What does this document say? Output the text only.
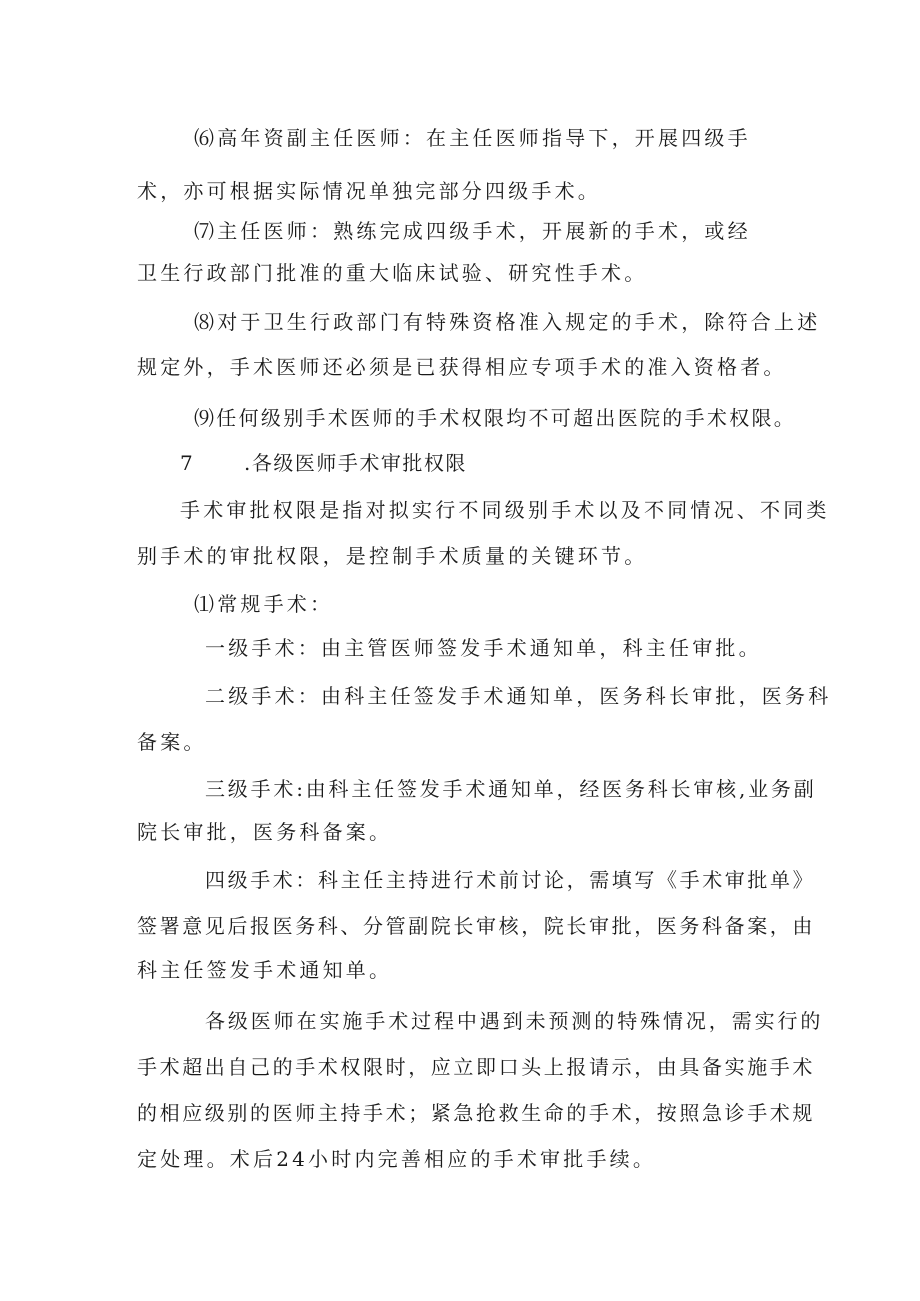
⑹高年资副主任医师：在主任医师指导下，开展四级手

术，亦可根据实际情况单独完部分四级手术。

⑺主任医师：熟练完成四级手术，开展新的手术，或经

卫生行政部门批准的重大临床试验、研究性手术。

⑻对于卫生行政部门有特殊资格准入规定的手术，除符合上述

规定外，手术医师还必须是已获得相应专项手术的准入资格者。

⑼任何级别手术医师的手术权限均不可超出医院的手术权限。

7	.各级医师手术审批权限

手术审批权限是指对拟实行不同级别手术以及不同情况、不同类

别手术的审批权限，是控制手术质量的关键环节。

⑴常规手术：

一级手术：由主管医师签发手术通知单，科主任审批。

二级手术：由科主任签发手术通知单，医务科长审批，医务科

备案。

三级手术:由科主任签发手术通知单，经医务科长审核,业务副

院长审批，医务科备案。

四级手术：科主任主持进行术前讨论，需填写《手术审批单》

签署意见后报医务科、分管副院长审核，院长审批，医务科备案，由

科主任签发手术通知单。

各级医师在实施手术过程中遇到未预测的特殊情况，需实行的

手术超出自己的手术权限时，应立即口头上报请示，由具备实施手术

的相应级别的医师主持手术；紧急抢救生命的手术，按照急诊手术规

定处理。术后24小时内完善相应的手术审批手续。
